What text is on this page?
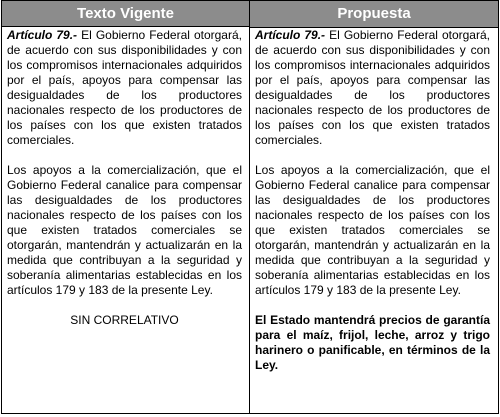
Texto Vigente	Propuesta

Artículo 79.- El Gobierno Federal otorgará, de acuerdo con sus disponibilidades y con los compromisos internacionales adquiridos por el país, apoyos para compensar las desigualdades de los productores nacionales respecto de los productores de los países con los que existen tratados comerciales.

Los apoyos a la comercialización, que el Gobierno Federal canalice para compensar las desigualdades de los productores nacionales respecto de los países con los que existen tratados comerciales se otorgarán, mantendrán y actualizarán en la medida que contribuyan a la seguridad y soberanía alimentarias establecidas en los artículos 179 y 183 de la presente Ley.

SIN CORRELATIVO

Artículo 79.- El Gobierno Federal otorgará, de acuerdo con sus disponibilidades y con los compromisos internacionales adquiridos por el país, apoyos para compensar las desigualdades de los productores nacionales respecto de los productores de los países con los que existen tratados comerciales.

Los apoyos a la comercialización, que el Gobierno Federal canalice para compensar las desigualdades de los productores nacionales respecto de los países con los que existen tratados comerciales se otorgarán, mantendrán y actualizarán en la medida que contribuyan a la seguridad y soberanía alimentarias establecidas en los artículos 179 y 183 de la presente Ley.

El Estado mantendrá precios de garantía para el maíz, frijol, leche, arroz y trigo harinero o panificable, en términos de la Ley.
